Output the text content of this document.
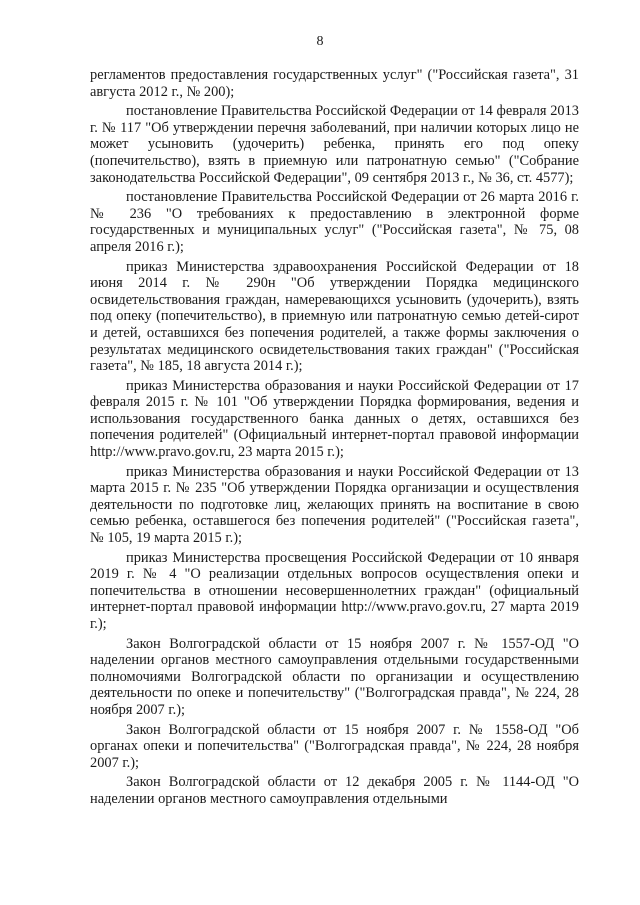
8

регламентов предоставления государственных услуг" ("Российская газета", 31 августа 2012 г., № 200);

постановление Правительства Российской Федерации от 14 февраля 2013 г. № 117 "Об утверждении перечня заболеваний, при наличии которых лицо не может усыновить (удочерить) ребенка, принять его под опеку (попечительство), взять в приемную или патронатную семью" ("Собрание законодательства Российской Федерации", 09 сентября 2013 г., № 36, ст. 4577);

постановление Правительства Российской Федерации от 26 марта 2016 г. № 236 "О требованиях к предоставлению в электронной форме государственных и муниципальных услуг" ("Российская газета", № 75, 08 апреля 2016 г.);

приказ Министерства здравоохранения Российской Федерации от 18 июня 2014 г. № 290н "Об утверждении Порядка медицинского освидетельствования граждан, намеревающихся усыновить (удочерить), взять под опеку (попечительство), в приемную или патронатную семью детей-сирот и детей, оставшихся без попечения родителей, а также формы заключения о результатах медицинского освидетельствования таких граждан" ("Российская газета", № 185, 18 августа 2014 г.);

приказ Министерства образования и науки Российской Федерации от 17 февраля 2015 г. № 101 "Об утверждении Порядка формирования, ведения и использования государственного банка данных о детях, оставшихся без попечения родителей" (Официальный интернет-портал правовой информации http://www.pravo.gov.ru, 23 марта 2015 г.);

приказ Министерства образования и науки Российской Федерации от 13 марта 2015 г. № 235 "Об утверждении Порядка организации и осуществления деятельности по подготовке лиц, желающих принять на воспитание в свою семью ребенка, оставшегося без попечения родителей" ("Российская газета", № 105, 19 марта 2015 г.);

приказ Министерства просвещения Российской Федерации от 10 января 2019 г. № 4 "О реализации отдельных вопросов осуществления опеки и попечительства в отношении несовершеннолетних граждан" (официальный интернет-портал правовой информации http://www.pravo.gov.ru, 27 марта 2019 г.);

Закон Волгоградской области от 15 ноября 2007 г. № 1557-ОД "О наделении органов местного самоуправления отдельными государственными полномочиями Волгоградской области по организации и осуществлению деятельности по опеке и попечительству" ("Волгоградская правда", № 224, 28 ноября 2007 г.);

Закон Волгоградской области от 15 ноября 2007 г. № 1558-ОД "Об органах опеки и попечительства" ("Волгоградская правда", № 224, 28 ноября 2007 г.);

Закон Волгоградской области от 12 декабря 2005 г. № 1144-ОД "О наделении органов местного самоуправления отдельными
